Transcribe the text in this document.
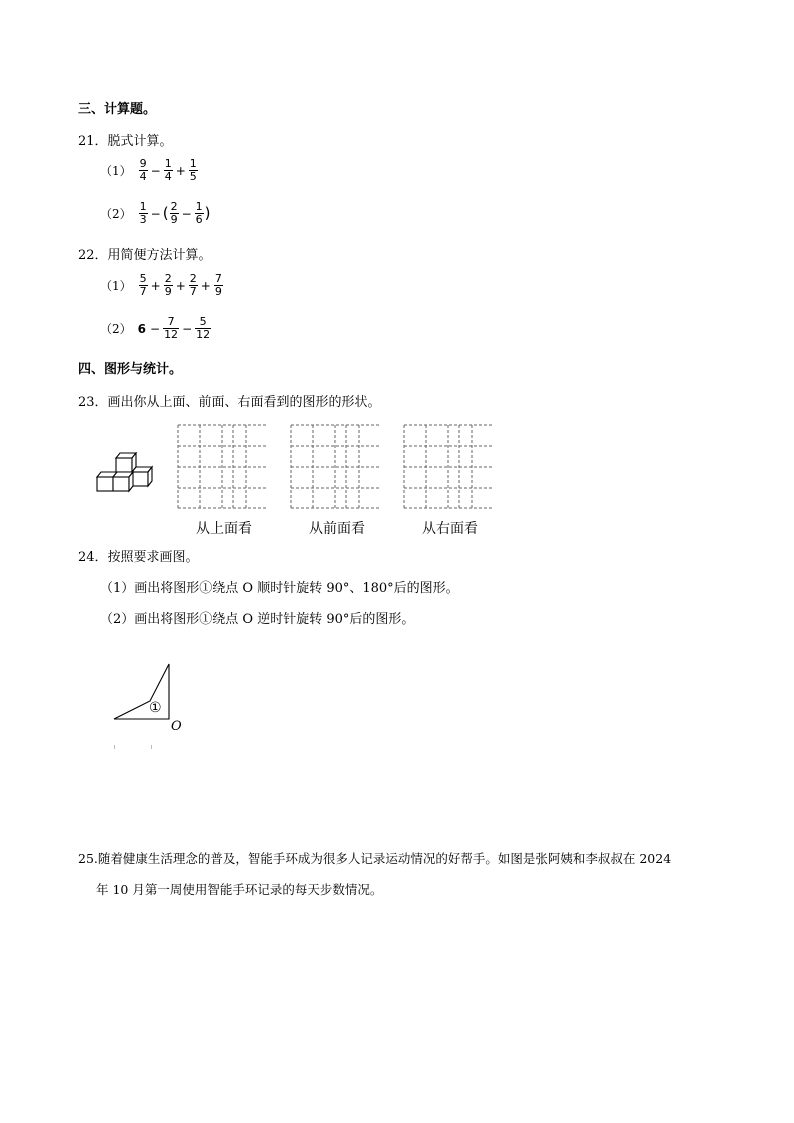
三、计算题。
21．脱式计算。
$(1) \frac{9}{4} - \frac{1}{4} + \frac{1}{5}$
$(2) \frac{1}{3}$ − ( $\frac{2}{9} - \frac{1}{6}$ )
22．用简便方法计算。
$(1) \frac{5}{7} + \frac{2}{9} + \frac{2}{7} + \frac{7}{9}$
（2） $6 - \frac{7}{12} - \frac{5}{12}$
四、图形与统计。
23．画出你从上面、前面、右面看到的图形的形状。
从上面看	从前面看	从右面看
24．按照要求画图。
（1）画出将图形①绕点 O 顺时针旋转 90°、180°后的图形。
（2）画出将图形①绕点 O 逆时针旋转 90°后的图形。
①
O
25.随着健康生活理念的普及，智能手环成为很多人记录运动情况的好帮手。如图是张阿姨和李叔叔在 2024
年 10 月第一周使用智能手环记录的每天步数情况。
